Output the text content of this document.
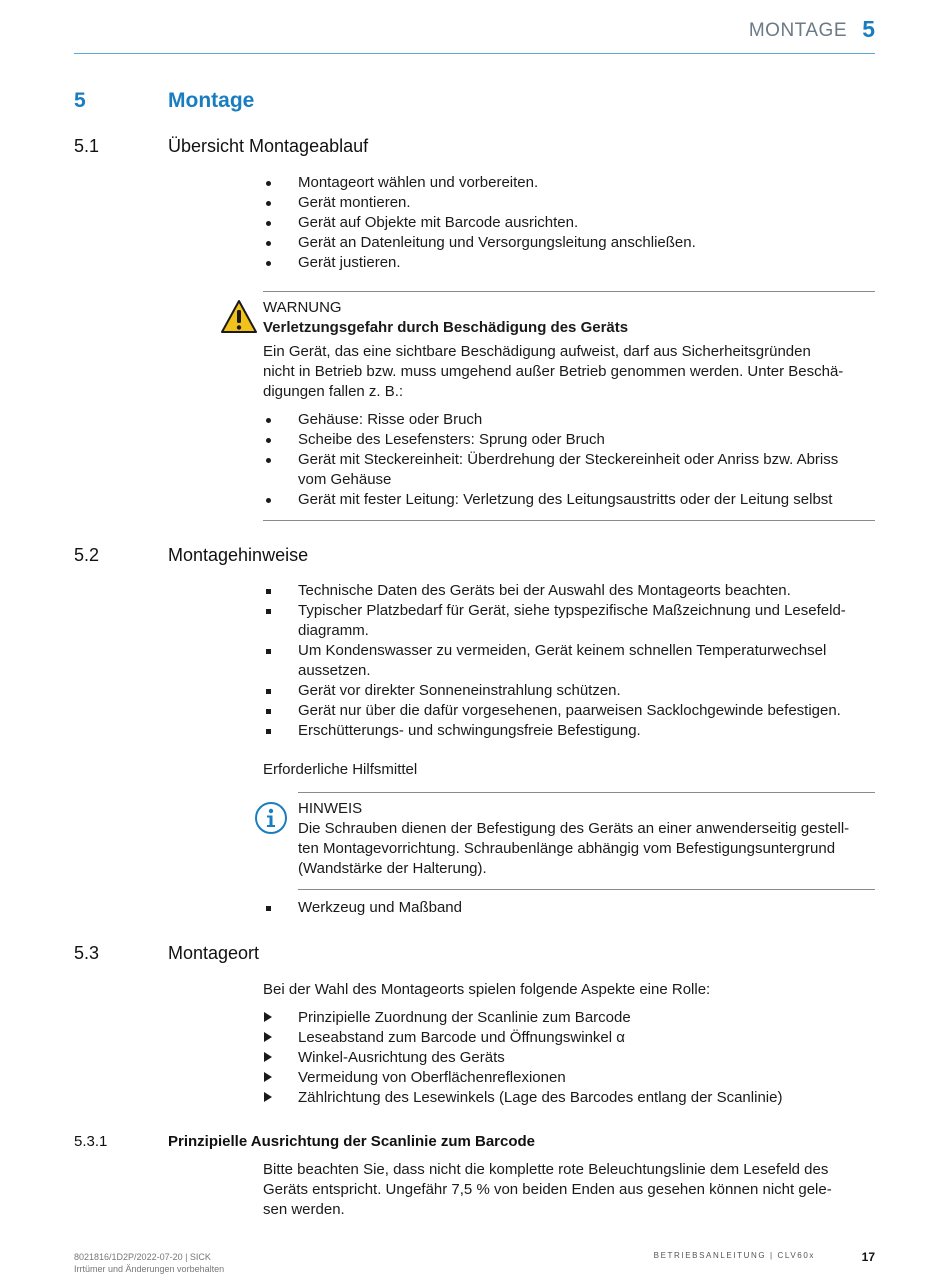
MONTAGE 5
5	Montage
5.1	Übersicht Montageablauf
Montageort wählen und vorbereiten.
Gerät montieren.
Gerät auf Objekte mit Barcode ausrichten.
Gerät an Datenleitung und Versorgungsleitung anschließen.
Gerät justieren.
WARNUNG
Verletzungsgefahr durch Beschädigung des Geräts
Ein Gerät, das eine sichtbare Beschädigung aufweist, darf aus Sicherheitsgründen
nicht in Betrieb bzw. muss umgehend außer Betrieb genommen werden. Unter Beschä-
digungen fallen z. B.:
Gehäuse: Risse oder Bruch
Scheibe des Lesefensters: Sprung oder Bruch
Gerät mit Steckereinheit: Überdrehung der Steckereinheit oder Anriss bzw. Abriss
vom Gehäuse
Gerät mit fester Leitung: Verletzung des Leitungsaustritts oder der Leitung selbst
5.2	Montagehinweise
Technische Daten des Geräts bei der Auswahl des Montageorts beachten.
Typischer Platzbedarf für Gerät, siehe typspezifische Maßzeichnung und Lesefeld-
diagramm.
Um Kondenswasser zu vermeiden, Gerät keinem schnellen Temperaturwechsel
aussetzen.
Gerät vor direkter Sonneneinstrahlung schützen.
Gerät nur über die dafür vorgesehenen, paarweisen Sacklochgewinde befestigen.
Erschütterungs- und schwingungsfreie Befestigung.
Erforderliche Hilfsmittel
HINWEIS
Die Schrauben dienen der Befestigung des Geräts an einer anwenderseitig gestell-
ten Montagevorrichtung. Schraubenlänge abhängig vom Befestigungsuntergrund
(Wandstärke der Halterung).
Werkzeug und Maßband
5.3	Montageort
Bei der Wahl des Montageorts spielen folgende Aspekte eine Rolle:
Prinzipielle Zuordnung der Scanlinie zum Barcode
Leseabstand zum Barcode und Öffnungswinkel α
Winkel-Ausrichtung des Geräts
Vermeidung von Oberflächenreflexionen
Zählrichtung des Lesewinkels (Lage des Barcodes entlang der Scanlinie)
5.3.1	Prinzipielle Ausrichtung der Scanlinie zum Barcode
Bitte beachten Sie, dass nicht die komplette rote Beleuchtungslinie dem Lesefeld des
Geräts entspricht. Ungefähr 7,5 % von beiden Enden aus gesehen können nicht gele-
sen werden.
8021816/1D2P/2022-07-20 | SICK
Irrtümer und Änderungen vorbehalten
BETRIEBSANLEITUNG | CLV60x	17
